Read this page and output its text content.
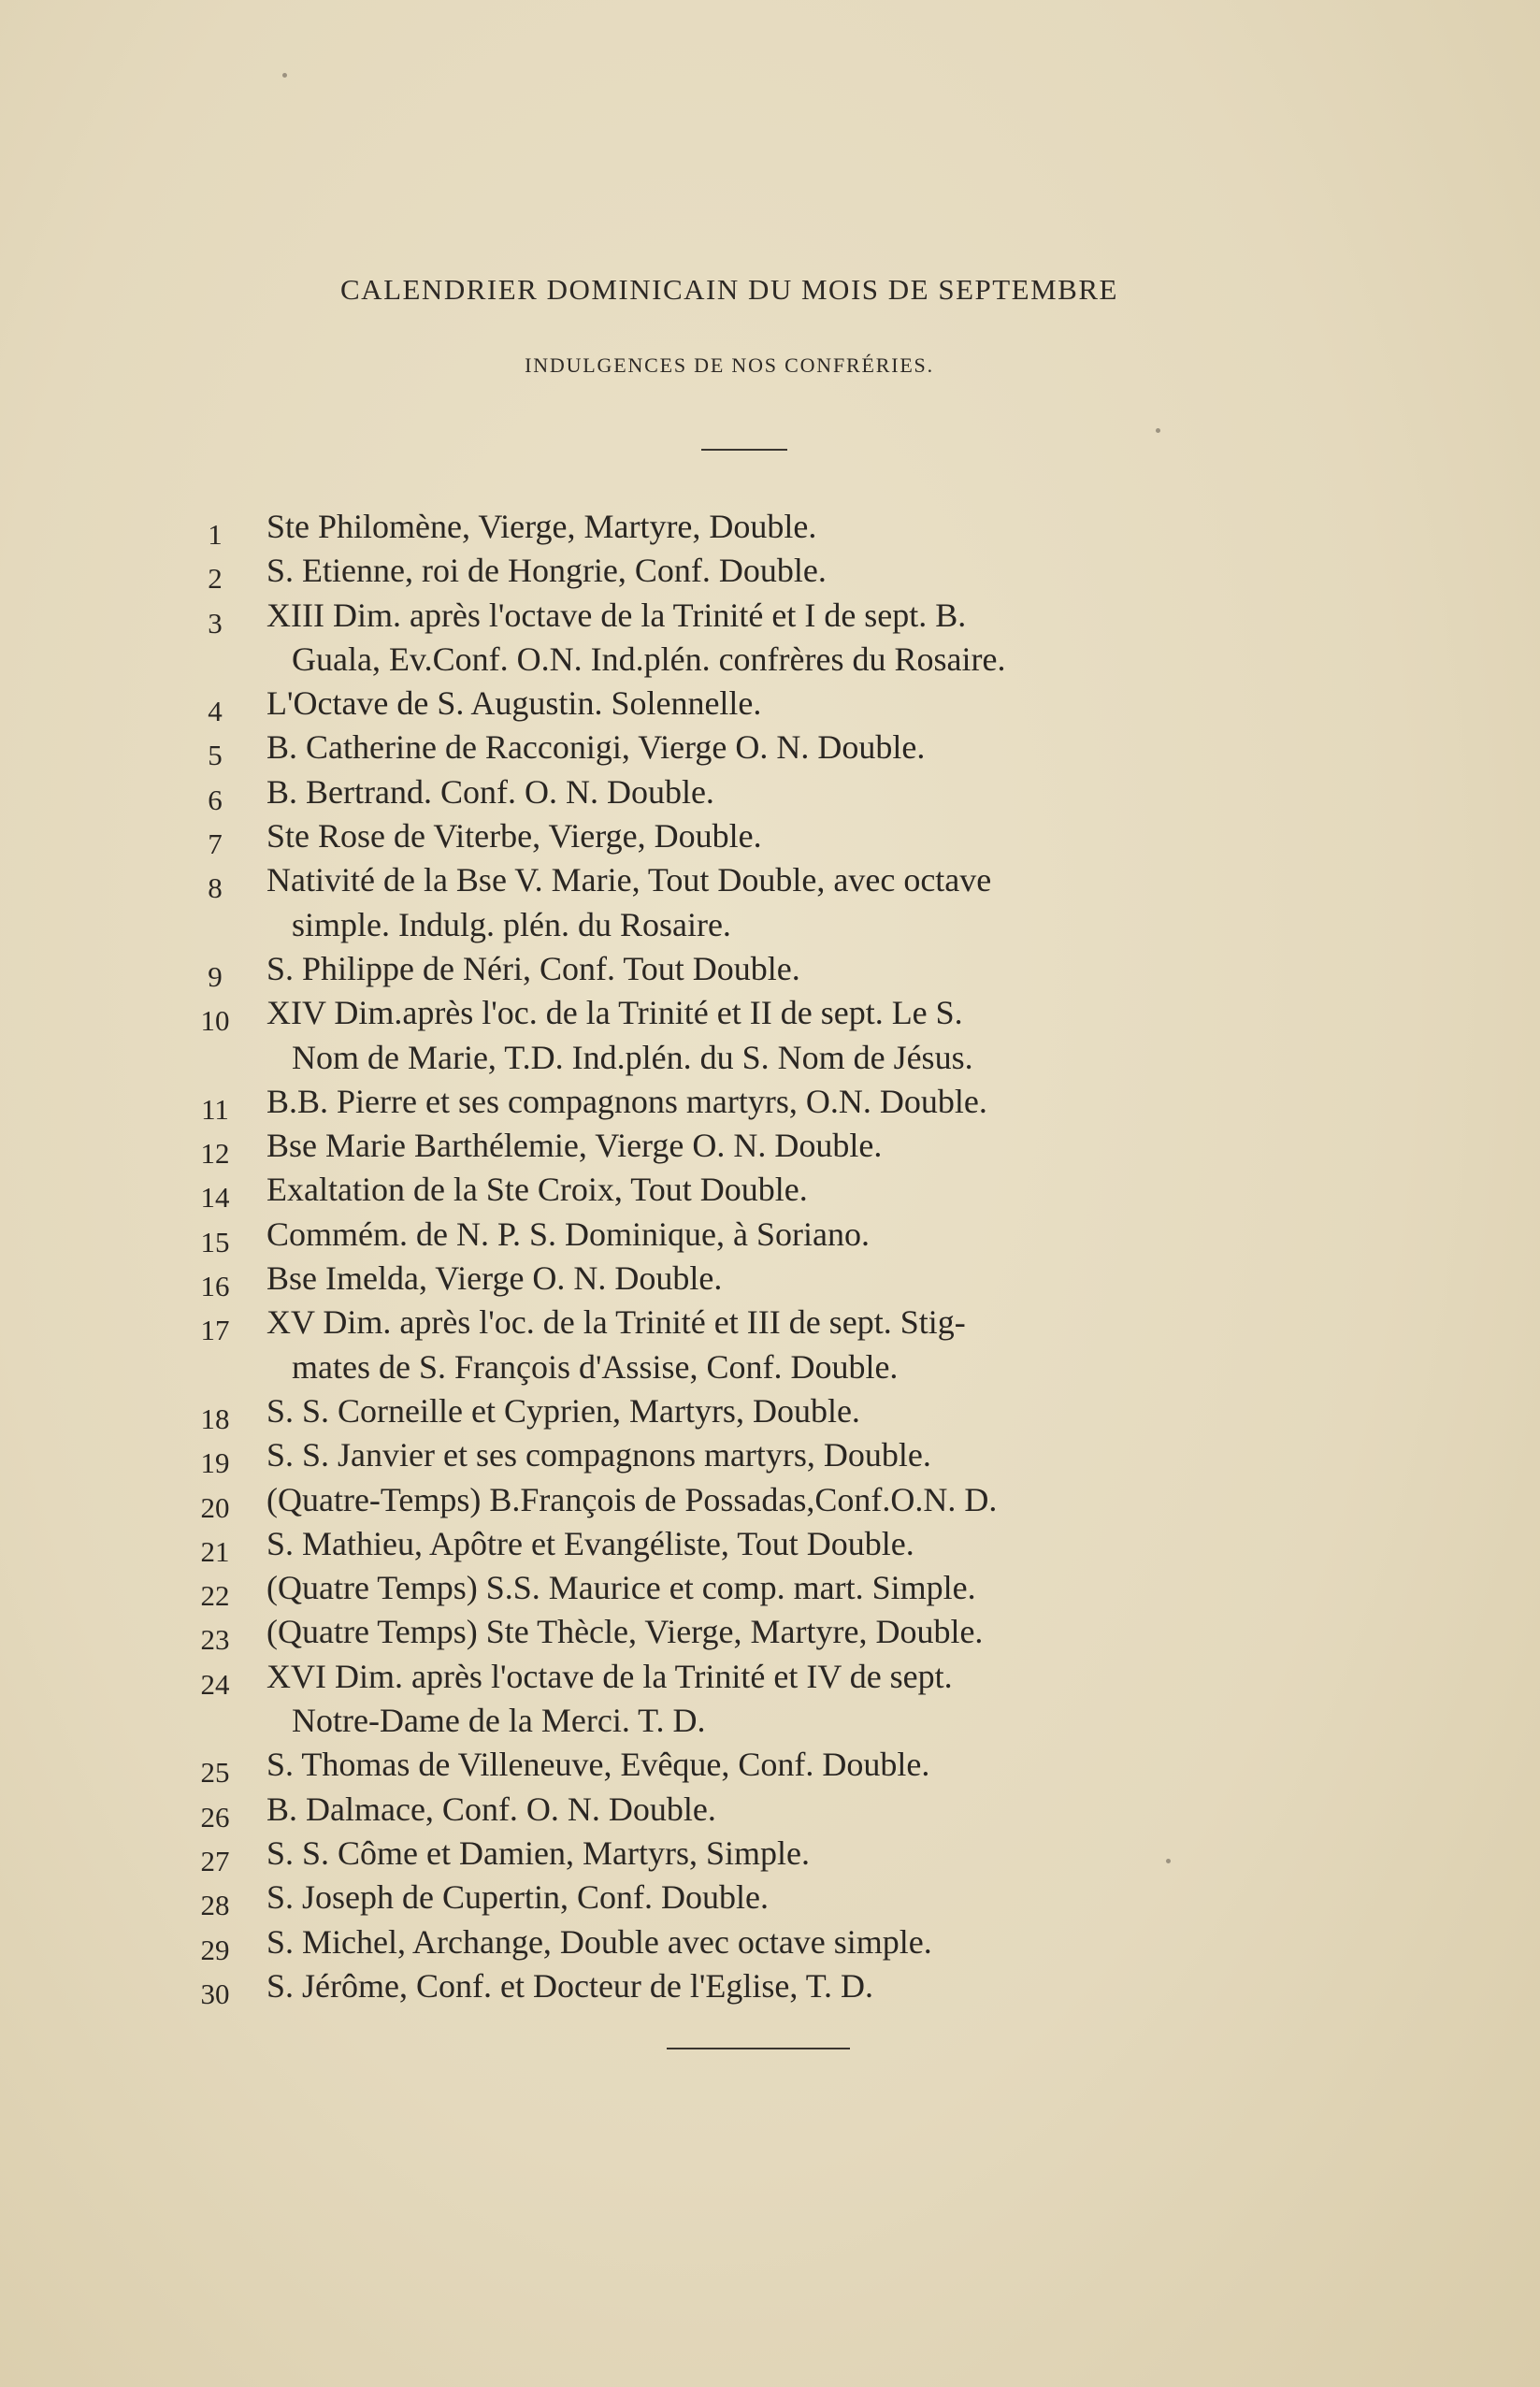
CALENDRIER DOMINICAIN DU MOIS DE SEPTEMBRE
INDULGENCES DE NOS CONFRÉRIES.
1	Ste Philomène, Vierge, Martyre, Double.
2	S. Etienne, roi de Hongrie, Conf. Double.
3	XIII Dim. après l'octave de la Trinité et I de sept. B.
Guala, Ev.Conf. O.N. Ind.plén. confrères du Rosaire.
4	L'Octave de S. Augustin. Solennelle.
5	B. Catherine de Racconigi, Vierge O. N. Double.
6	B. Bertrand. Conf. O. N. Double.
7	Ste Rose de Viterbe, Vierge, Double.
8	Nativité de la Bse V. Marie, Tout Double, avec octave
simple. Indulg. plén. du Rosaire.
9	S. Philippe de Néri, Conf. Tout Double.
10	XIV Dim.après l'oc. de la Trinité et II de sept. Le S.
Nom de Marie, T.D. Ind.plén. du S. Nom de Jésus.
11	B.B. Pierre et ses compagnons martyrs, O.N. Double.
12	Bse Marie Barthélemie, Vierge O. N. Double.
14	Exaltation de la Ste Croix, Tout Double.
15	Commém. de N. P. S. Dominique, à Soriano.
16	Bse Imelda, Vierge O. N. Double.
17	XV Dim. après l'oc. de la Trinité et III de sept. Stig-
mates de S. François d'Assise, Conf. Double.
18	S. S. Corneille et Cyprien, Martyrs, Double.
19	S. S. Janvier et ses compagnons martyrs, Double.
20	(Quatre-Temps) B.François de Possadas,Conf.O.N. D.
21	S. Mathieu, Apôtre et Evangéliste, Tout Double.
22	(Quatre Temps) S.S. Maurice et comp. mart. Simple.
23	(Quatre Temps) Ste Thècle, Vierge, Martyre, Double.
24	XVI Dim. après l'octave de la Trinité et IV de sept.
Notre-Dame de la Merci. T. D.
25	S. Thomas de Villeneuve, Evêque, Conf. Double.
26	B. Dalmace, Conf. O. N. Double.
27	S. S. Côme et Damien, Martyrs, Simple.
28	S. Joseph de Cupertin, Conf. Double.
29	S. Michel, Archange, Double avec octave simple.
30	S. Jérôme, Conf. et Docteur de l'Eglise, T. D.
